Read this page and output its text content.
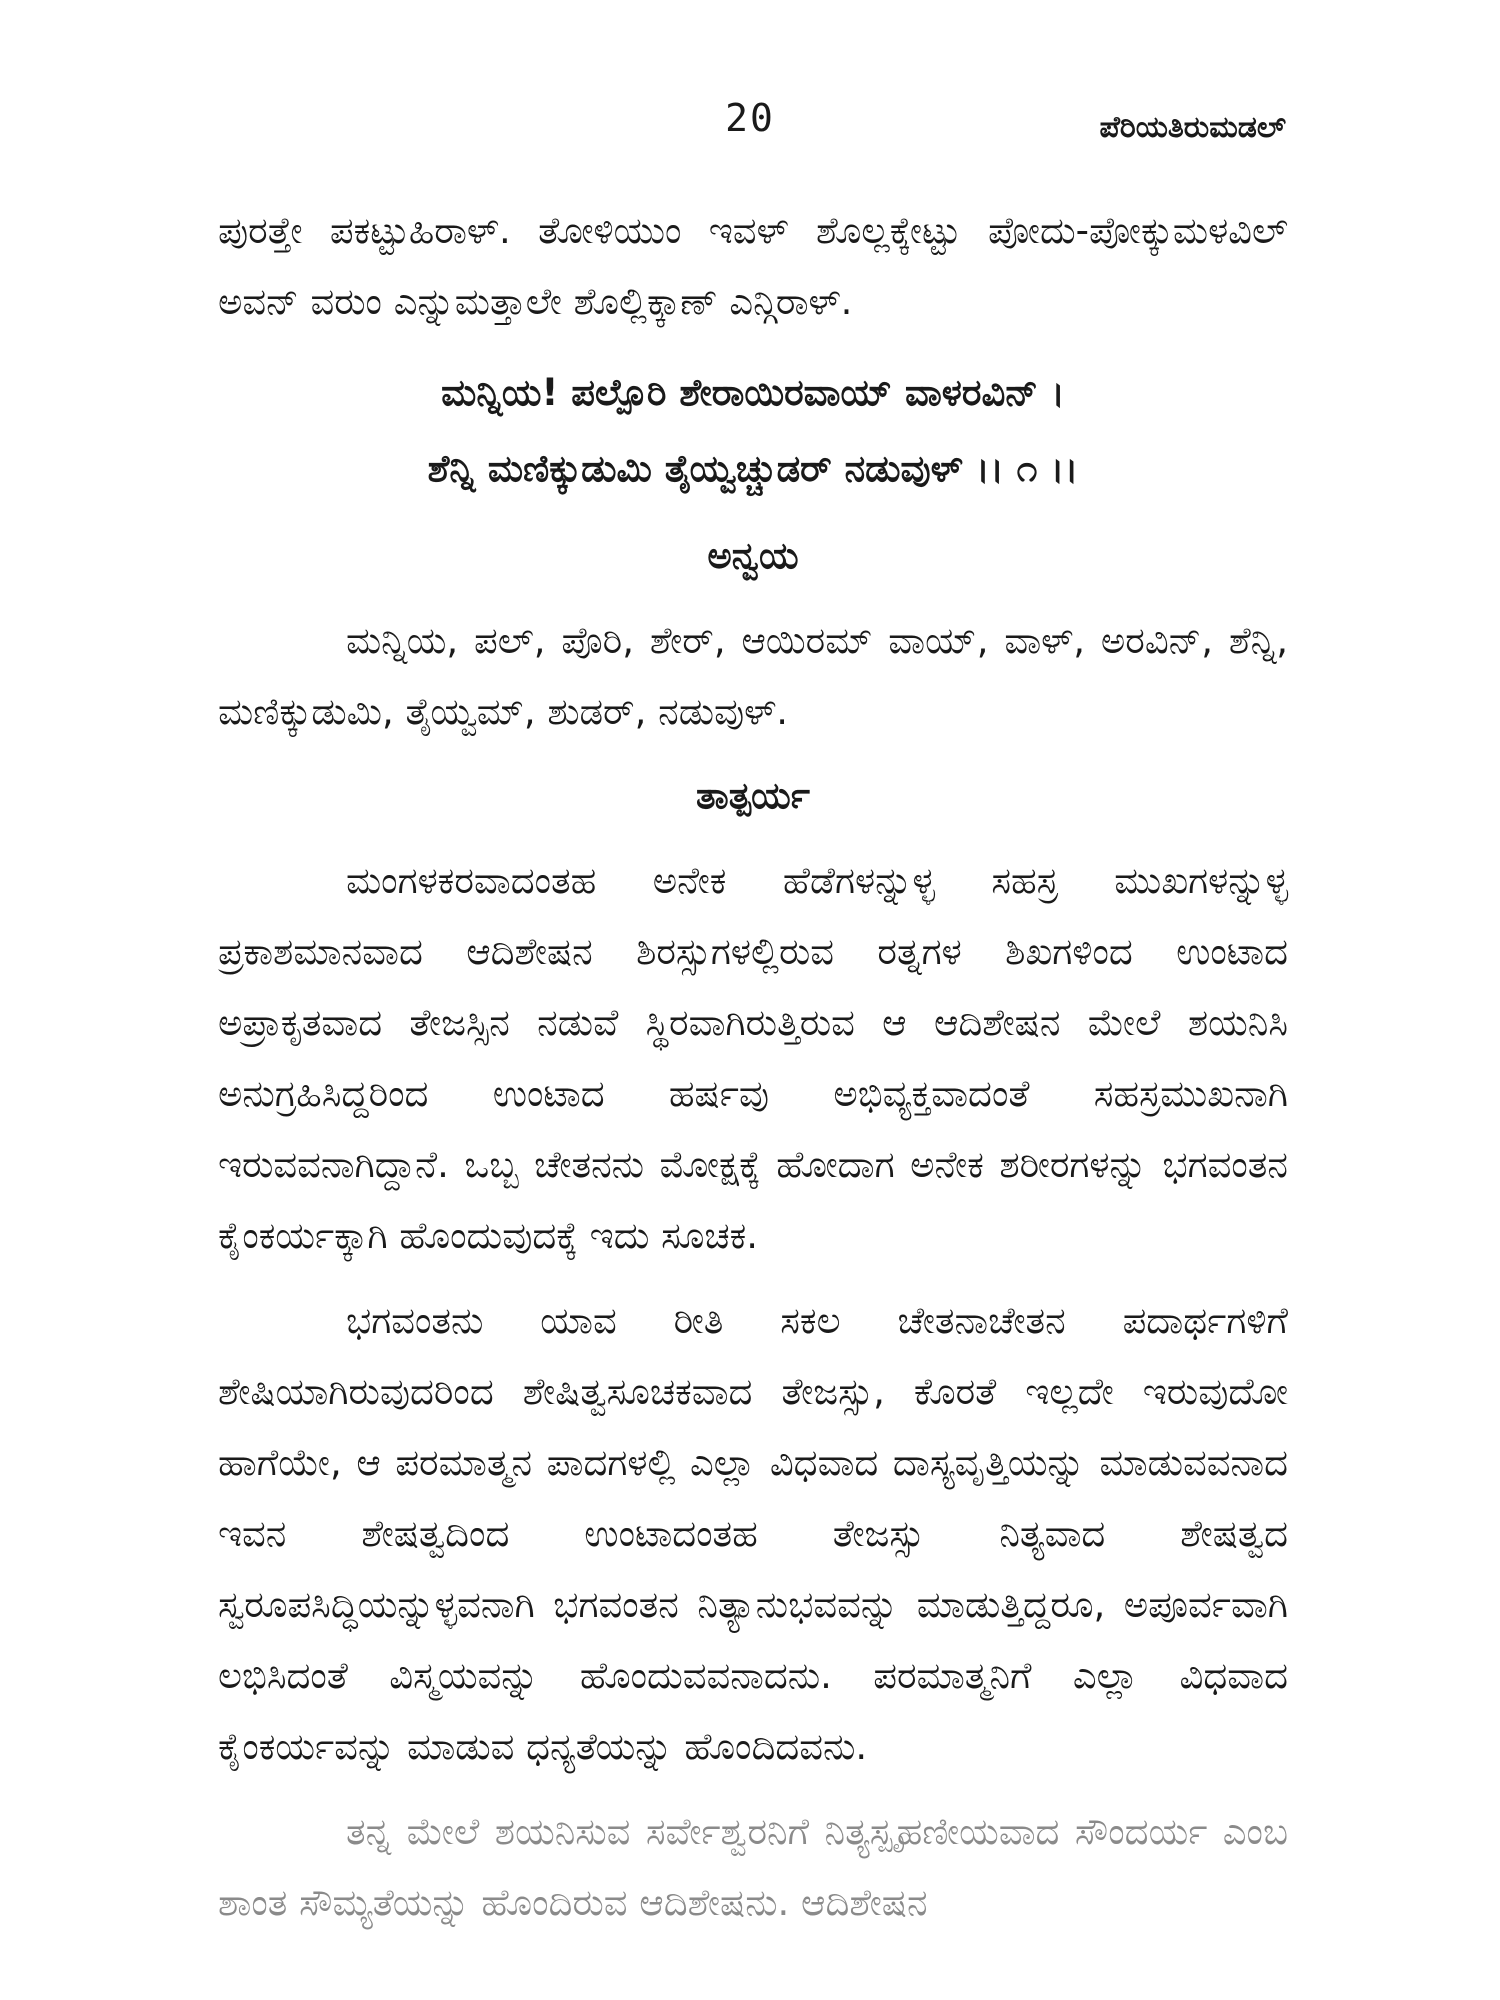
20	ಪೆರಿಯತಿರುಮಡಲ್

ಪುರತ್ತೇ ಪಕಟ್ಟುಹಿರಾಳ್. ತೋಳಿಯುಂ ಇವಳ್ ಶೊಲ್ಲಕ್ಕೇಟ್ಟು ಪೋದು-ಪೋಕ್ಕುಮಳವಿಲ್ ಅವನ್ ವರುಂ ಎನ್ನುಮತ್ತಾಲೇ ಶೊಲ್ಲಿಕ್ಕಾಣ್ ಎನ್ಗಿರಾಳ್.

ಮನ್ನಿಯ! ಪಲ್ಪೊರಿ ಶೇರಾಯಿರವಾಯ್ ವಾಳರವಿನ್ ।
ಶೆನ್ನಿ ಮಣಿಕ್ಕುಡುಮಿ ತೈಯ್ವಚ್ಚುಡರ್ ನಡುವುಳ್ ।। ೧ ।।
ಅನ್ವಯ

ಮನ್ನಿಯ, ಪಲ್, ಪೊರಿ, ಶೇರ್, ಆಯಿರಮ್ ವಾಯ್, ವಾಳ್, ಅರವಿನ್, ಶೆನ್ನಿ, ಮಣಿಕ್ಕುಡುಮಿ, ತೈಯ್ವಮ್, ಶುಡರ್, ನಡುವುಳ್.

ತಾತ್ಪರ್ಯ

ಮಂಗಳಕರವಾದಂತಹ ಅನೇಕ ಹೆಡೆಗಳನ್ನುಳ್ಳ ಸಹಸ್ರ ಮುಖಗಳನ್ನುಳ್ಳ ಪ್ರಕಾಶಮಾನವಾದ ಆದಿಶೇಷನ ಶಿರಸ್ಸುಗಳಲ್ಲಿರುವ ರತ್ನಗಳ ಶಿಖಗಳಿಂದ ಉಂಟಾದ ಅಪ್ರಾಕೃತವಾದ ತೇಜಸ್ಸಿನ ನಡುವೆ ಸ್ಥಿರವಾಗಿರುತ್ತಿರುವ ಆ ಆದಿಶೇಷನ ಮೇಲೆ ಶಯನಿಸಿ ಅನುಗ್ರಹಿಸಿದ್ದರಿಂದ ಉಂಟಾದ ಹರ್ಷವು ಅಭಿವ್ಯಕ್ತವಾದಂತೆ ಸಹಸ್ರಮುಖನಾಗಿ ಇರುವವನಾಗಿದ್ದಾನೆ. ಒಬ್ಬ ಚೇತನನು ಮೋಕ್ಷಕ್ಕೆ ಹೋದಾಗ ಅನೇಕ ಶರೀರಗಳನ್ನು ಭಗವಂತನ ಕೈಂಕರ್ಯಕ್ಕಾಗಿ ಹೊಂದುವುದಕ್ಕೆ ಇದು ಸೂಚಕ.

ಭಗವಂತನು ಯಾವ ರೀತಿ ಸಕಲ ಚೇತನಾಚೇತನ ಪದಾರ್ಥಗಳಿಗೆ ಶೇಷಿಯಾಗಿರುವುದರಿಂದ ಶೇಷಿತ್ವಸೂಚಕವಾದ ತೇಜಸ್ಸು, ಕೊರತೆ ಇಲ್ಲದೇ ಇರುವುದೋ ಹಾಗೆಯೇ, ಆ ಪರಮಾತ್ಮನ ಪಾದಗಳಲ್ಲಿ ಎಲ್ಲಾ ವಿಧವಾದ ದಾಸ್ಯವೃತ್ತಿಯನ್ನು ಮಾಡುವವನಾದ ಇವನ ಶೇಷತ್ವದಿಂದ ಉಂಟಾದಂತಹ ತೇಜಸ್ಸು ನಿತ್ಯವಾದ ಶೇಷತ್ವದ ಸ್ವರೂಪಸಿದ್ಧಿಯನ್ನುಳ್ಳವನಾಗಿ ಭಗವಂತನ ನಿತ್ಯಾನುಭವವನ್ನು ಮಾಡುತ್ತಿದ್ದರೂ, ಅಪೂರ್ವವಾಗಿ ಲಭಿಸಿದಂತೆ ವಿಸ್ಮಯವನ್ನು ಹೊಂದುವವನಾದನು. ಪರಮಾತ್ಮನಿಗೆ ಎಲ್ಲಾ ವಿಧವಾದ ಕೈಂಕರ್ಯವನ್ನು ಮಾಡುವ ಧನ್ಯತೆಯನ್ನು ಹೊಂದಿದವನು.

ತನ್ನ ಮೇಲೆ ಶಯನಿಸುವ ಸರ್ವೇಶ್ವರನಿಗೆ ನಿತ್ಯಸ್ಪೃಹಣೀಯವಾದ ಸೌಂದರ್ಯ ಎಂಬ ಶಾಂತ ಸೌಮ್ಯತೆಯನ್ನು ಹೊಂದಿರುವ ಆದಿಶೇಷನು. ಆದಿಶೇಷನ
